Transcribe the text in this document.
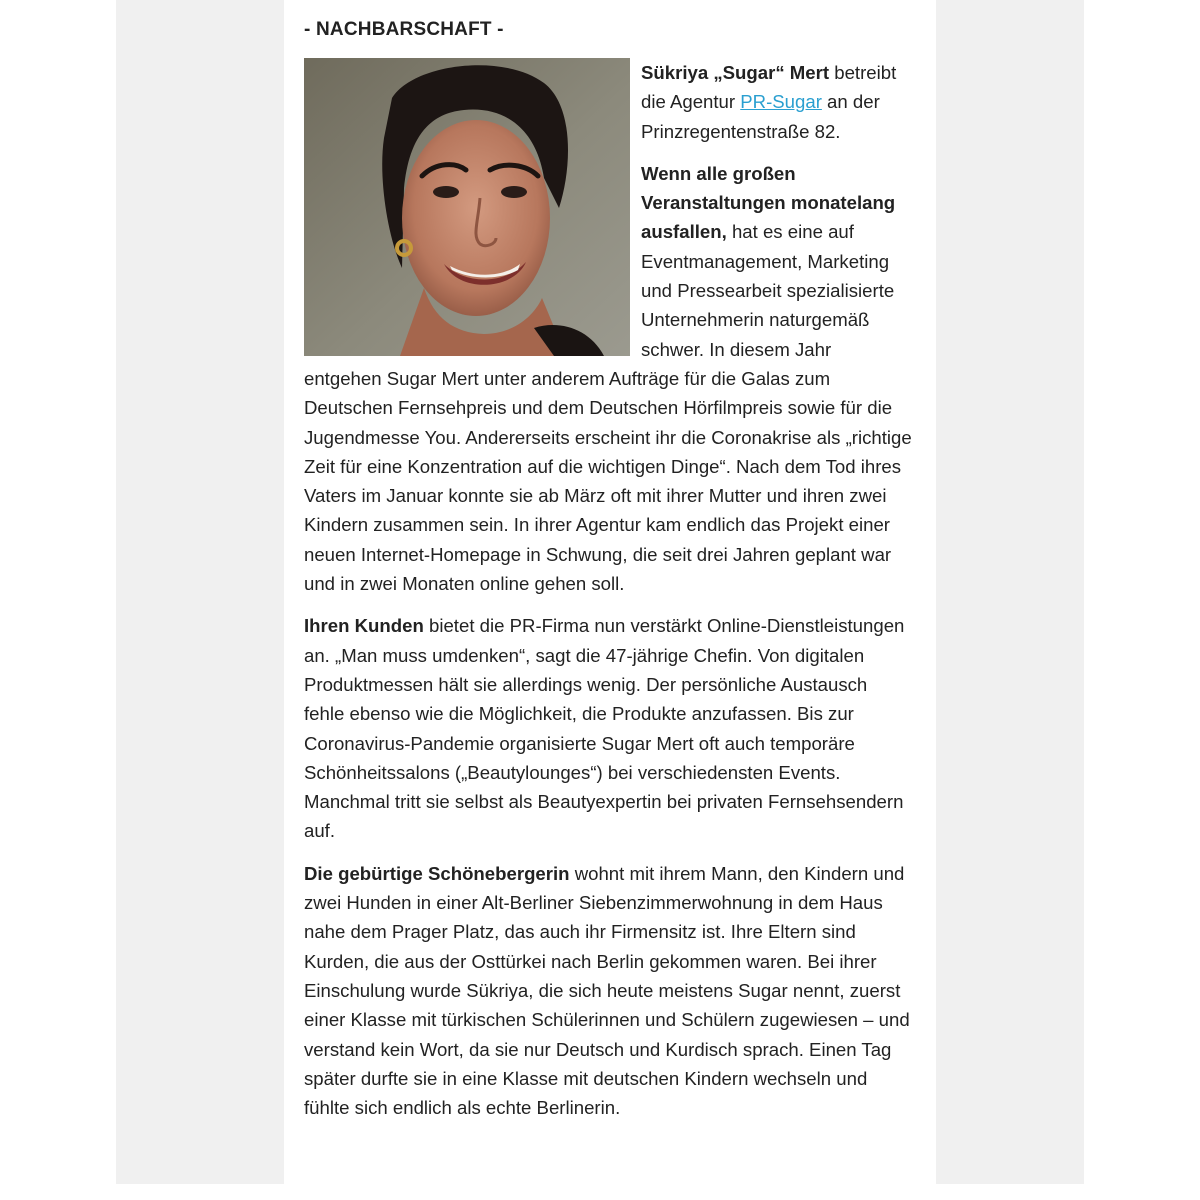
- NACHBARSCHAFT -

Sükriya „Sugar“ Mert betreibt die Agentur PR-Sugar an der Prinzregentenstraße 82.

Wenn alle großen Veranstaltungen monatelang ausfallen, hat es eine auf Eventmanagement, Marketing und Pressearbeit spezialisierte Unternehmerin naturgemäß schwer. In diesem Jahr entgehen Sugar Mert unter anderem Aufträge für die Galas zum Deutschen Fernsehpreis und dem Deutschen Hörfilmpreis sowie für die Jugendmesse You. Andererseits erscheint ihr die Coronakrise als „richtige Zeit für eine Konzentration auf die wichtigen Dinge“. Nach dem Tod ihres Vaters im Januar konnte sie ab März oft mit ihrer Mutter und ihren zwei Kindern zusammen sein. In ihrer Agentur kam endlich das Projekt einer neuen Internet-Homepage in Schwung, die seit drei Jahren geplant war und in zwei Monaten online gehen soll.

Ihren Kunden bietet die PR-Firma nun verstärkt Online-Dienstleistungen an. „Man muss umdenken“, sagt die 47-jährige Chefin. Von digitalen Produktmessen hält sie allerdings wenig. Der persönliche Austausch fehle ebenso wie die Möglichkeit, die Produkte anzufassen. Bis zur Coronavirus-Pandemie organisierte Sugar Mert oft auch temporäre Schönheitssalons („Beautylounges“) bei verschiedensten Events. Manchmal tritt sie selbst als Beautyexpertin bei privaten Fernsehsendern auf.

Die gebürtige Schönebergerin wohnt mit ihrem Mann, den Kindern und zwei Hunden in einer Alt-Berliner Siebenzimmerwohnung in dem Haus nahe dem Prager Platz, das auch ihr Firmensitz ist. Ihre Eltern sind Kurden, die aus der Osttürkei nach Berlin gekommen waren. Bei ihrer Einschulung wurde Sükriya, die sich heute meistens Sugar nennt, zuerst einer Klasse mit türkischen Schülerinnen und Schülern zugewiesen – und verstand kein Wort, da sie nur Deutsch und Kurdisch sprach. Einen Tag später durfte sie in eine Klasse mit deutschen Kindern wechseln und fühlte sich endlich als echte Berlinerin.
